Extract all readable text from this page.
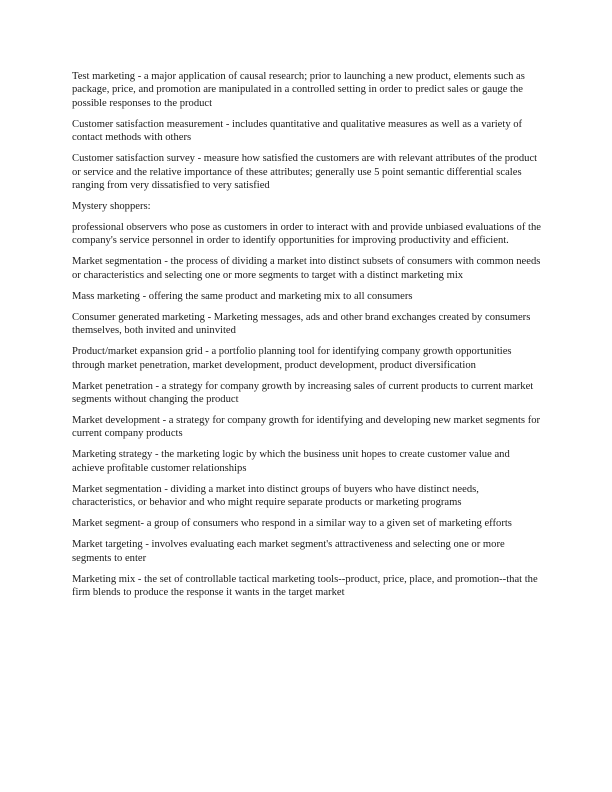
Test marketing - a major application of causal research; prior to launching a new product, elements such as package, price, and promotion are manipulated in a controlled setting in order to predict sales or gauge the possible responses to the product

Customer satisfaction measurement - includes quantitative and qualitative measures as well as a variety of contact methods with others

Customer satisfaction survey - measure how satisfied the customers are with relevant attributes of the product or service and the relative importance of these attributes; generally use 5 point semantic differential scales ranging from very dissatisfied to very satisfied

Mystery shoppers:

professional observers who pose as customers in order to interact with and provide unbiased evaluations of the company's service personnel in order to identify opportunities for improving productivity and efficient.

Market segmentation - the process of dividing a market into distinct subsets of consumers with common needs or characteristics and selecting one or more segments to target with a distinct marketing mix

Mass marketing - offering the same product and marketing mix to all consumers

Consumer generated marketing - Marketing messages, ads and other brand exchanges created by consumers themselves, both invited and uninvited

Product/market expansion grid - a portfolio planning tool for identifying company growth opportunities through market penetration, market development, product development, product diversification

Market penetration - a strategy for company growth by increasing sales of current products to current market segments without changing the product

Market development - a strategy for company growth for identifying and developing new market segments for current company products

Marketing strategy - the marketing logic by which the business unit hopes to create customer value and achieve profitable customer relationships

Market segmentation - dividing a market into distinct groups of buyers who have distinct needs, characteristics, or behavior and who might require separate products or marketing programs

Market segment- a group of consumers who respond in a similar way to a given set of marketing efforts

Market targeting - involves evaluating each market segment's attractiveness and selecting one or more segments to enter

Marketing mix - the set of controllable tactical marketing tools--product, price, place, and promotion--that the firm blends to produce the response it wants in the target market
